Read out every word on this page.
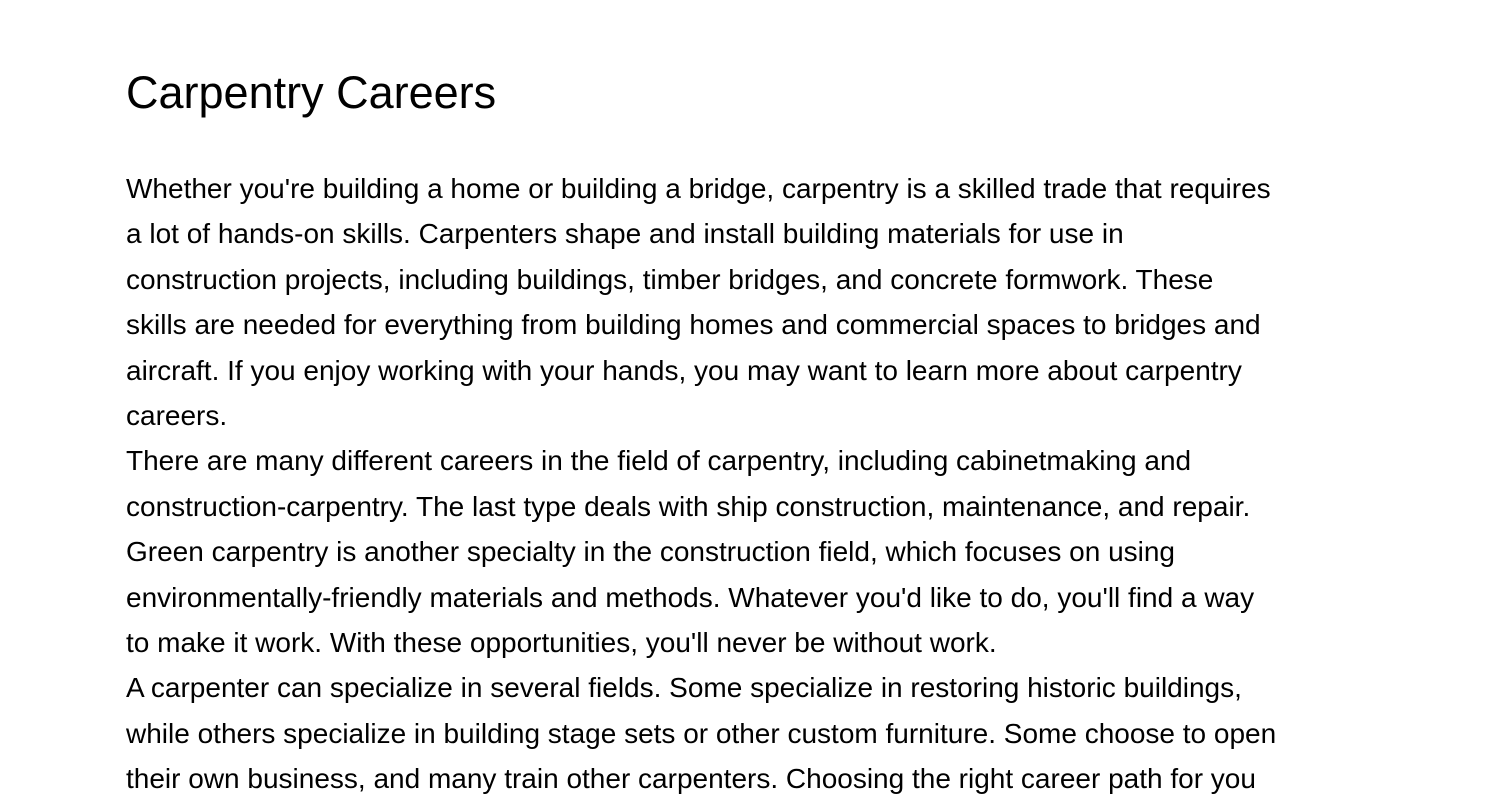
Carpentry Careers

Whether you're building a home or building a bridge, carpentry is a skilled trade that requires
a lot of hands-on skills. Carpenters shape and install building materials for use in
construction projects, including buildings, timber bridges, and concrete formwork. These
skills are needed for everything from building homes and commercial spaces to bridges and
aircraft. If you enjoy working with your hands, you may want to learn more about carpentry
careers.

There are many different careers in the field of carpentry, including cabinetmaking and
construction-carpentry. The last type deals with ship construction, maintenance, and repair.
Green carpentry is another specialty in the construction field, which focuses on using
environmentally-friendly materials and methods. Whatever you'd like to do, you'll find a way
to make it work. With these opportunities, you'll never be without work.

A carpenter can specialize in several fields. Some specialize in restoring historic buildings,
while others specialize in building stage sets or other custom furniture. Some choose to open
their own business, and many train other carpenters. Choosing the right career path for you
